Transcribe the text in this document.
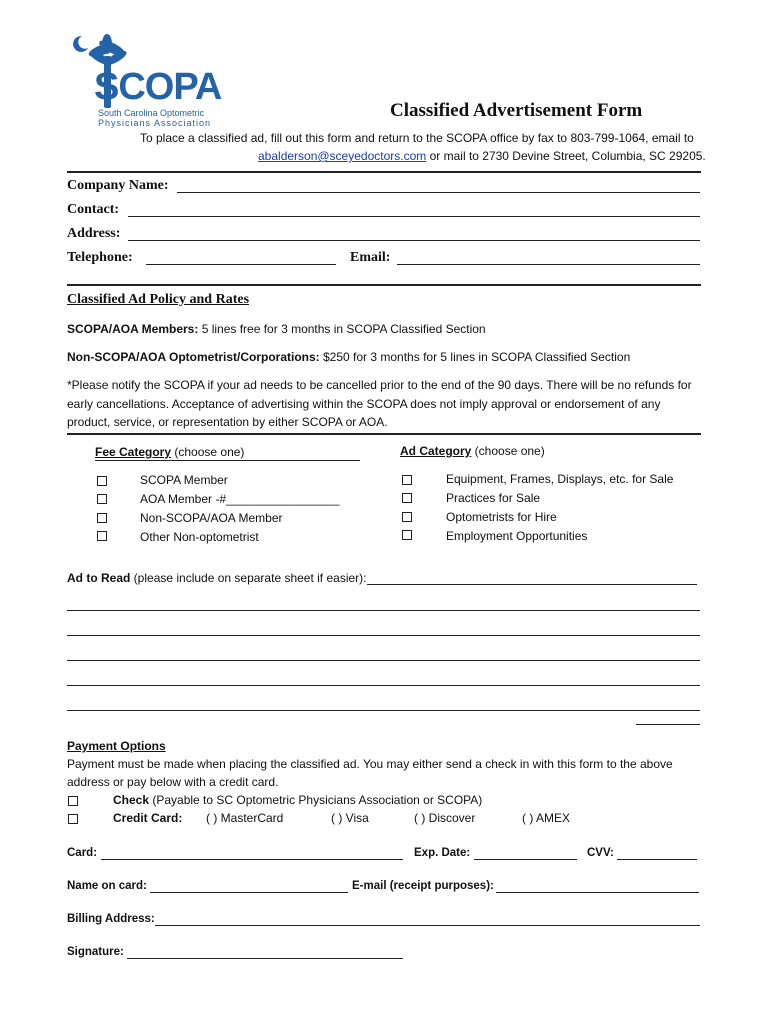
SCOPA
South Carolina Optometric
Physicians Association
Classified Advertisement Form
To place a classified ad, fill out this form and return to the SCOPA office by fax to 803-799-1064, email to
abalderson@sceyedoctors.com or mail to 2730 Devine Street, Columbia, SC 29205.
Company Name:
Contact:
Address:
Telephone:	Email:
Classified Ad Policy and Rates
SCOPA/AOA Members: 5 lines free for 3 months in SCOPA Classified Section
Non-SCOPA/AOA Optometrist/Corporations: $250 for 3 months for 5 lines in SCOPA Classified Section
*Please notify the SCOPA if your ad needs to be cancelled prior to the end of the 90 days. There will be no refunds for
early cancellations. Acceptance of advertising within the SCOPA does not imply approval or endorsement of any
product, service, or representation by either SCOPA or AOA.
Fee Category (choose one)
SCOPA Member
AOA Member -#_________________
Non-SCOPA/AOA Member
Other Non-optometrist
Ad Category (choose one)
Equipment, Frames, Displays, etc. for Sale
Practices for Sale
Optometrists for Hire
Employment Opportunities
Ad to Read (please include on separate sheet if easier):
Payment Options
Payment must be made when placing the classified ad. You may either send a check in with this form to the above
address or pay below with a credit card.
Check (Payable to SC Optometric Physicians Association or SCOPA)
Credit Card: ( ) MasterCard	( ) Visa	( ) Discover	( ) AMEX
Card:	Exp. Date:	CVV:
Name on card:	E-mail (receipt purposes):
Billing Address:
Signature:
